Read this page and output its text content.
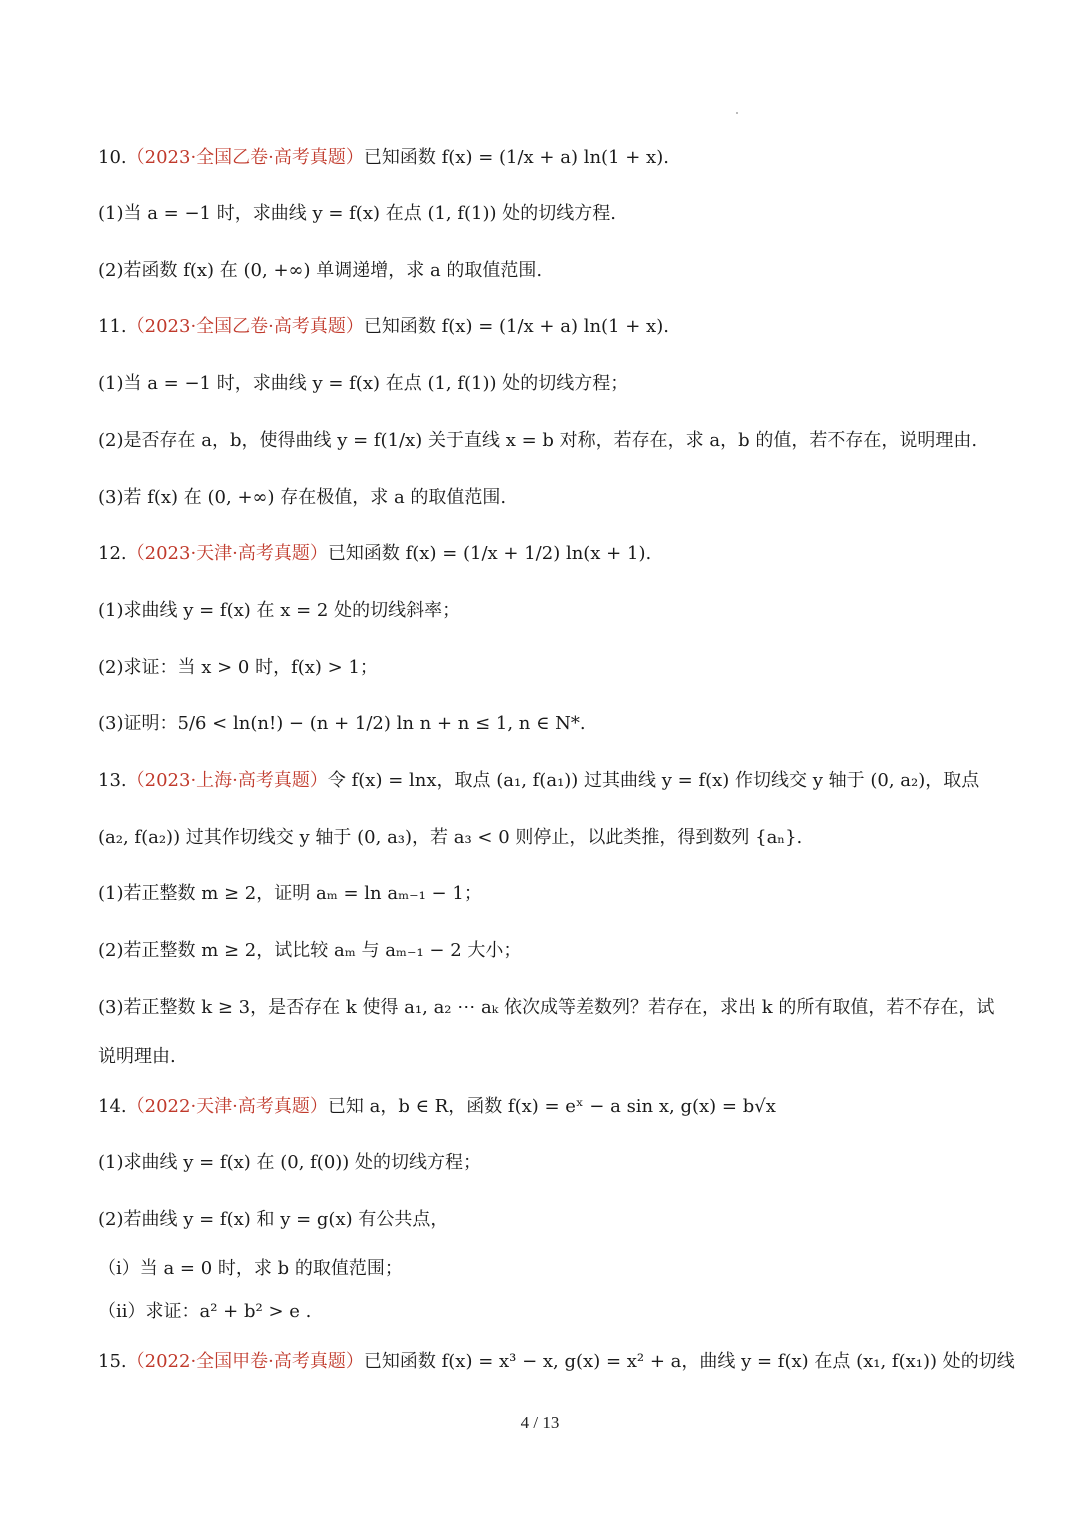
10. （2023·全国乙卷·高考真题） 已知函数 f(x) = (1/x + a) ln(1 + x).
(1)当 a = −1 时，求曲线 y = f(x) 在点 (1, f(1)) 处的切线方程.
(2)若函数 f(x) 在 (0, +∞) 单调递增，求 a 的取值范围.
11. （2023·全国乙卷·高考真题） 已知函数 f(x) = (1/x + a) ln(1 + x).
(1)当 a = −1 时，求曲线 y = f(x) 在点 (1, f(1)) 处的切线方程；
(2)是否存在 a，b，使得曲线 y = f(1/x) 关于直线 x = b 对称，若存在，求 a，b 的值，若不存在，说明理由.
(3)若 f(x) 在 (0, +∞) 存在极值，求 a 的取值范围.
12. （2023·天津·高考真题） 已知函数 f(x) = (1/x + 1/2) ln(x + 1).
(1)求曲线 y = f(x) 在 x = 2 处的切线斜率；
(2)求证：当 x > 0 时，f(x) > 1；
(3)证明：5/6 < ln(n!) − (n + 1/2) ln n + n ≤ 1, n ∈ N*.
13. （2023·上海·高考真题） 令 f(x) = lnx，取点 (a₁, f(a₁)) 过其曲线 y = f(x) 作切线交 y 轴于 (0, a₂)，取点
(a₂, f(a₂)) 过其作切线交 y 轴于 (0, a₃)，若 a₃ < 0 则停止，以此类推，得到数列 {aₙ}.
(1)若正整数 m ≥ 2，证明 aₘ = ln aₘ₋₁ − 1；
(2)若正整数 m ≥ 2，试比较 aₘ 与 aₘ₋₁ − 2 大小；
(3)若正整数 k ≥ 3，是否存在 k 使得 a₁, a₂ ⋯ aₖ 依次成等差数列？若存在，求出 k 的所有取值，若不存在，试
说明理由.
14. （2022·天津·高考真题） 已知 a，b ∈ R，函数 f(x) = eˣ − a sin x, g(x) = b√x
(1)求曲线 y = f(x) 在 (0, f(0)) 处的切线方程；
(2)若曲线 y = f(x) 和 y = g(x) 有公共点，
（i）当 a = 0 时，求 b 的取值范围；
（ii）求证：a² + b² > e .
15. （2022·全国甲卷·高考真题） 已知函数 f(x) = x³ − x, g(x) = x² + a，曲线 y = f(x) 在点 (x₁, f(x₁)) 处的切线
4 / 13
